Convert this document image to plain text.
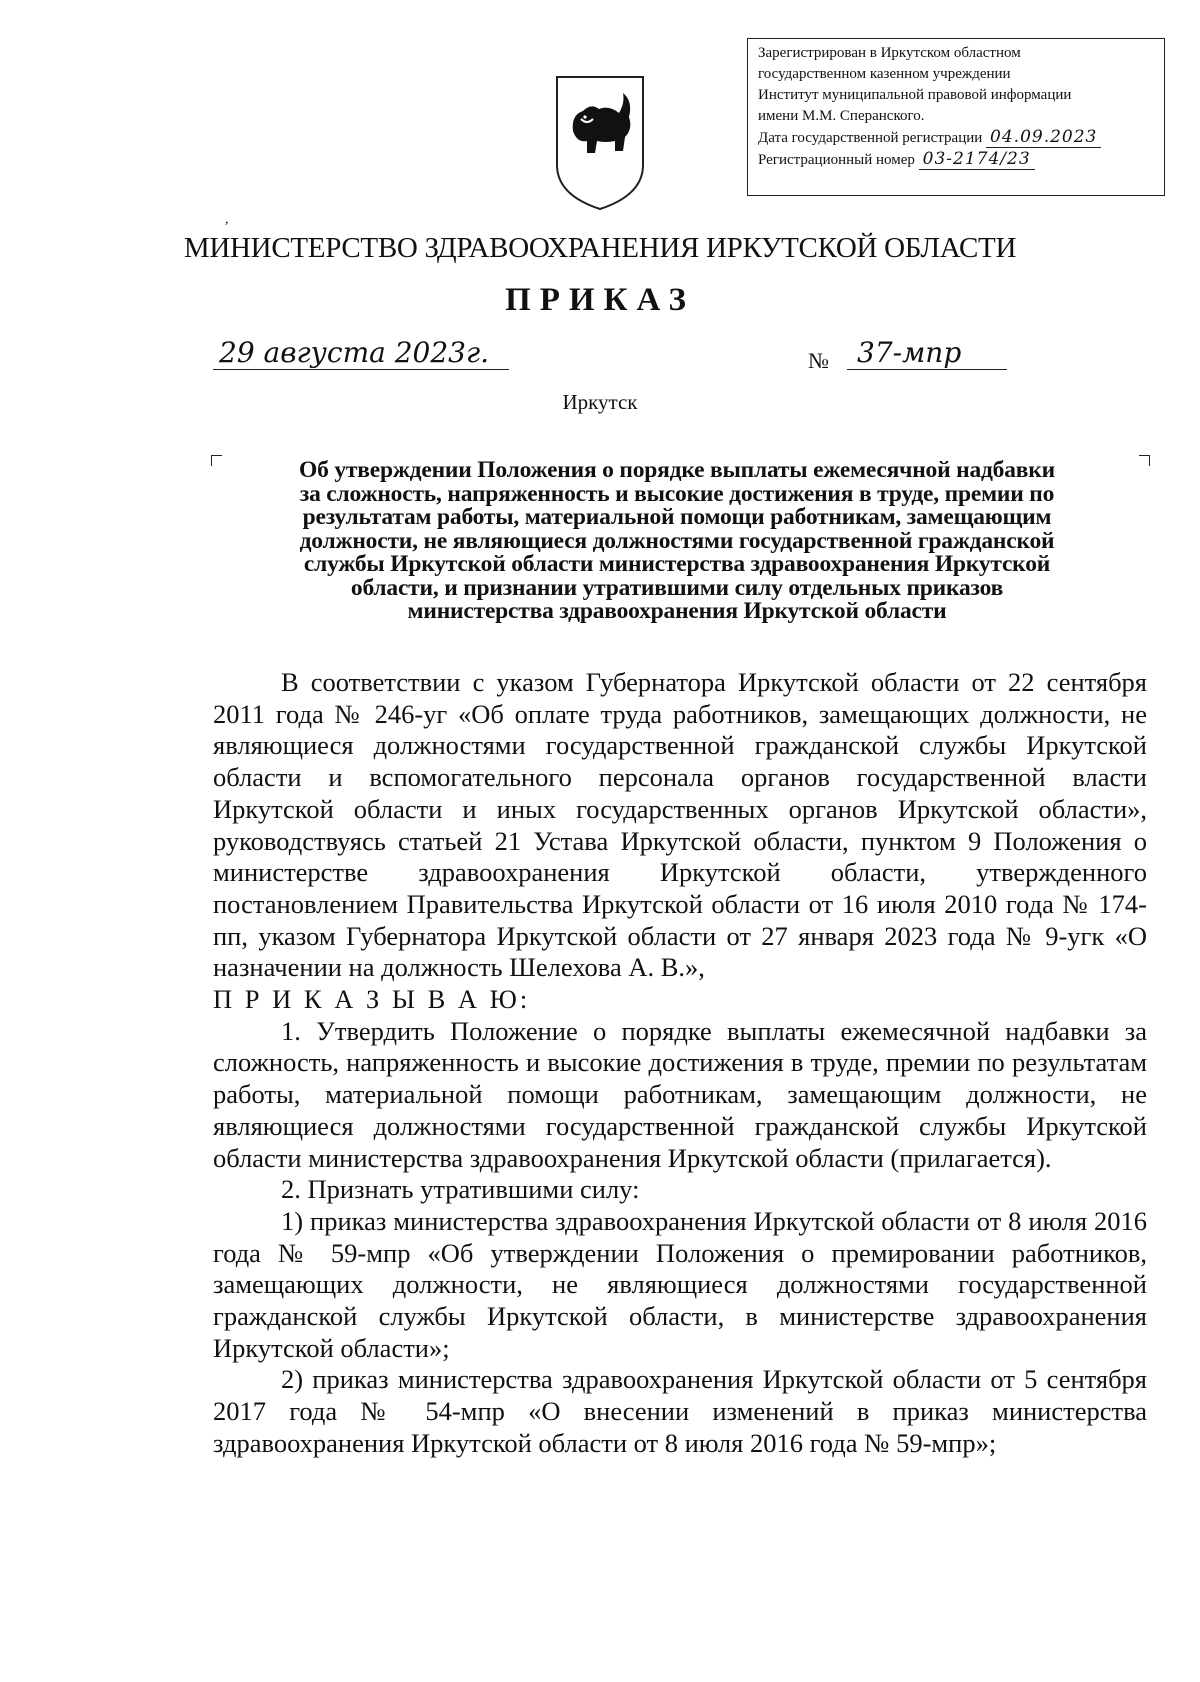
Зарегистрирован в Иркутском областном
государственном казенном учреждении
Институт муниципальной правовой информации
имени М.М. Сперанского.
Дата государственной регистрации 04.09.2023
Регистрационный номер 03-2174/23
,
МИНИСТЕРСТВО ЗДРАВООХРАНЕНИЯ ИРКУТСКОЙ ОБЛАСТИ
ПРИКАЗ
29 августа 2023г.	№	37-мпр
Иркутск
Об утверждении Положения о порядке выплаты ежемесячной надбавки
за сложность, напряженность и высокие достижения в труде, премии по
результатам работы, материальной помощи работникам, замещающим
должности, не являющиеся должностями государственной гражданской
службы Иркутской области министерства здравоохранения Иркутской
области, и признании утратившими силу отдельных приказов
министерства здравоохранения Иркутской области

В соответствии с указом Губернатора Иркутской области от 22 сентября 2011 года № 246-уг «Об оплате труда работников, замещающих должности, не являющиеся должностями государственной гражданской службы Иркутской области и вспомогательного персонала органов государственной власти Иркутской области и иных государственных органов Иркутской области», руководствуясь статьей 21 Устава Иркутской области, пунктом 9 Положения о министерстве здравоохранения Иркутской области, утвержденного постановлением Правительства Иркутской области от 16 июля 2010 года № 174-пп, указом Губернатора Иркутской области от 27 января 2023 года № 9-угк «О назначении на должность Шелехова А. В.»,

П Р И К А З Ы В А Ю:

1. Утвердить Положение о порядке выплаты ежемесячной надбавки за сложность, напряженность и высокие достижения в труде, премии по результатам работы, материальной помощи работникам, замещающим должности, не являющиеся должностями государственной гражданской службы Иркутской области министерства здравоохранения Иркутской области (прилагается).

2. Признать утратившими силу:

1) приказ министерства здравоохранения Иркутской области от 8 июля 2016 года № 59-мпр «Об утверждении Положения о премировании работников, замещающих должности, не являющиеся должностями государственной гражданской службы Иркутской области, в министерстве здравоохранения Иркутской области»;

2) приказ министерства здравоохранения Иркутской области от 5 сентября 2017 года № 54-мпр «О внесении изменений в приказ министерства здравоохранения Иркутской области от 8 июля 2016 года № 59-мпр»;
